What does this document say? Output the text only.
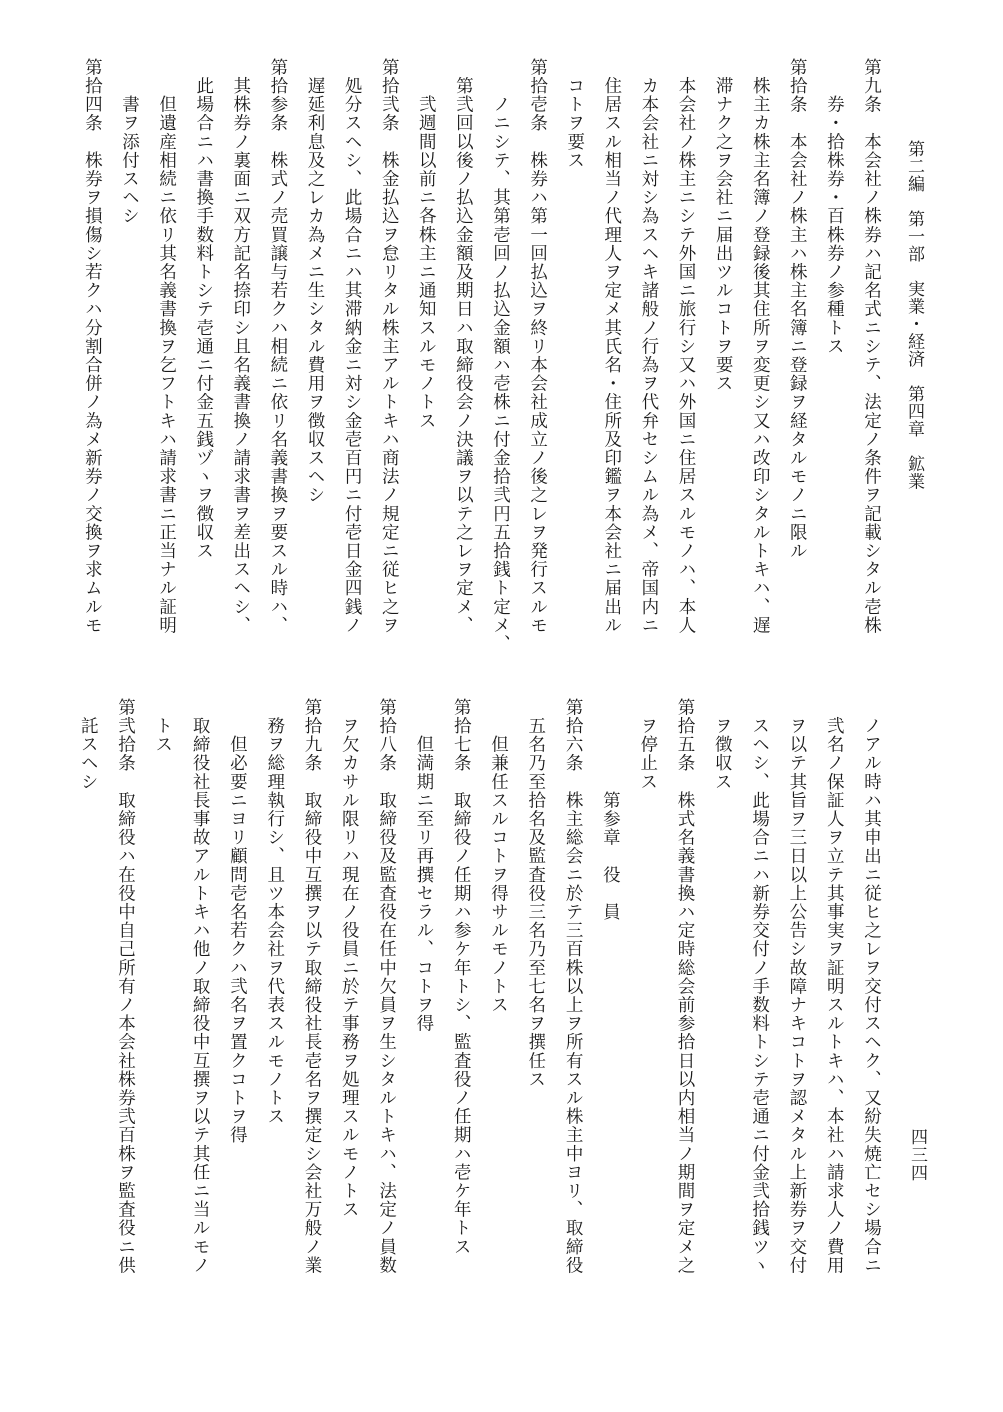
第二編　第一部　実業・経済　第四章　鉱業
四三四
第九条　本会社ノ株券ハ記名式ニシテ、法定ノ条件ヲ記載シタル壱株
　　券・拾株券・百株券ノ参種トス
第拾条　本会社ノ株主ハ株主名簿ニ登録ヲ経タルモノニ限ル
　株主カ株主名簿ノ登録後其住所ヲ変更シ又ハ改印シタルトキハ、遅
　滞ナク之ヲ会社ニ届出ツルコトヲ要ス
　本会社ノ株主ニシテ外国ニ旅行シ又ハ外国ニ住居スルモノハ、本人
　カ本会社ニ対シ為スヘキ諸般ノ行為ヲ代弁セシムル為メ、帝国内ニ
　住居スル相当ノ代理人ヲ定メ其氏名・住所及印鑑ヲ本会社ニ届出ル
　コトヲ要ス
第拾壱条　株券ハ第一回払込ヲ終リ本会社成立ノ後之レヲ発行スルモ
　　ノニシテ、其第壱回ノ払込金額ハ壱株ニ付金拾弐円五拾銭ト定メ、
　第弐回以後ノ払込金額及期日ハ取締役会ノ決議ヲ以テ之レヲ定メ、
　　弐週間以前ニ各株主ニ通知スルモノトス
第拾弐条　株金払込ヲ怠リタル株主アルトキハ商法ノ規定ニ従ヒ之ヲ
　処分スヘシ、此場合ニハ其滞納金ニ対シ金壱百円ニ付壱日金四銭ノ
　遅延利息及之レカ為メニ生シタル費用ヲ徴収スヘシ
第拾参条　株式ノ売買譲与若クハ相続ニ依リ名義書換ヲ要スル時ハ、
　其株券ノ裏面ニ双方記名捺印シ且名義書換ノ請求書ヲ差出スヘシ、
　此場合ニハ書換手数料トシテ壱通ニ付金五銭ヅヽヲ徴収ス
　　但遺産相続ニ依リ其名義書換ヲ乞フトキハ請求書ニ正当ナル証明
　　書ヲ添付スヘシ
第拾四条　株券ヲ損傷シ若クハ分割合併ノ為メ新券ノ交換ヲ求ムルモ
　ノアル時ハ其申出ニ従ヒ之レヲ交付スヘク、又紛失焼亡セシ場合ニ
　弐名ノ保証人ヲ立テ其事実ヲ証明スルトキハ、本社ハ請求人ノ費用
　ヲ以テ其旨ヲ三日以上公告シ故障ナキコトヲ認メタル上新券ヲ交付
　スヘシ、此場合ニハ新券交付ノ手数料トシテ壱通ニ付金弐拾銭ツヽ
　ヲ徴収ス
第拾五条　株式名義書換ハ定時総会前参拾日以内相当ノ期間ヲ定メ之
　ヲ停止ス
　　　　　第参章　役　員
第拾六条　株主総会ニ於テ三百株以上ヲ所有スル株主中ヨリ、取締役
　五名乃至拾名及監査役三名乃至七名ヲ撰任ス
　　但兼任スルコトヲ得サルモノトス
第拾七条　取締役ノ任期ハ参ケ年トシ、監査役ノ任期ハ壱ケ年トス
　　但満期ニ至リ再撰セラル、コトヲ得
第拾八条　取締役及監査役在任中欠員ヲ生シタルトキハ、法定ノ員数
　ヲ欠カサル限リハ現在ノ役員ニ於テ事務ヲ処理スルモノトス
第拾九条　取締役中互撰ヲ以テ取締役社長壱名ヲ撰定シ会社万般ノ業
　務ヲ総理執行シ、且ツ本会社ヲ代表スルモノトス
　　但必要ニヨリ顧問壱名若クハ弐名ヲ置クコトヲ得
　取締役社長事故アルトキハ他ノ取締役中互撰ヲ以テ其任ニ当ルモノ
　トス
第弐拾条　取締役ハ在役中自己所有ノ本会社株券弐百株ヲ監査役ニ供
　託スヘシ
